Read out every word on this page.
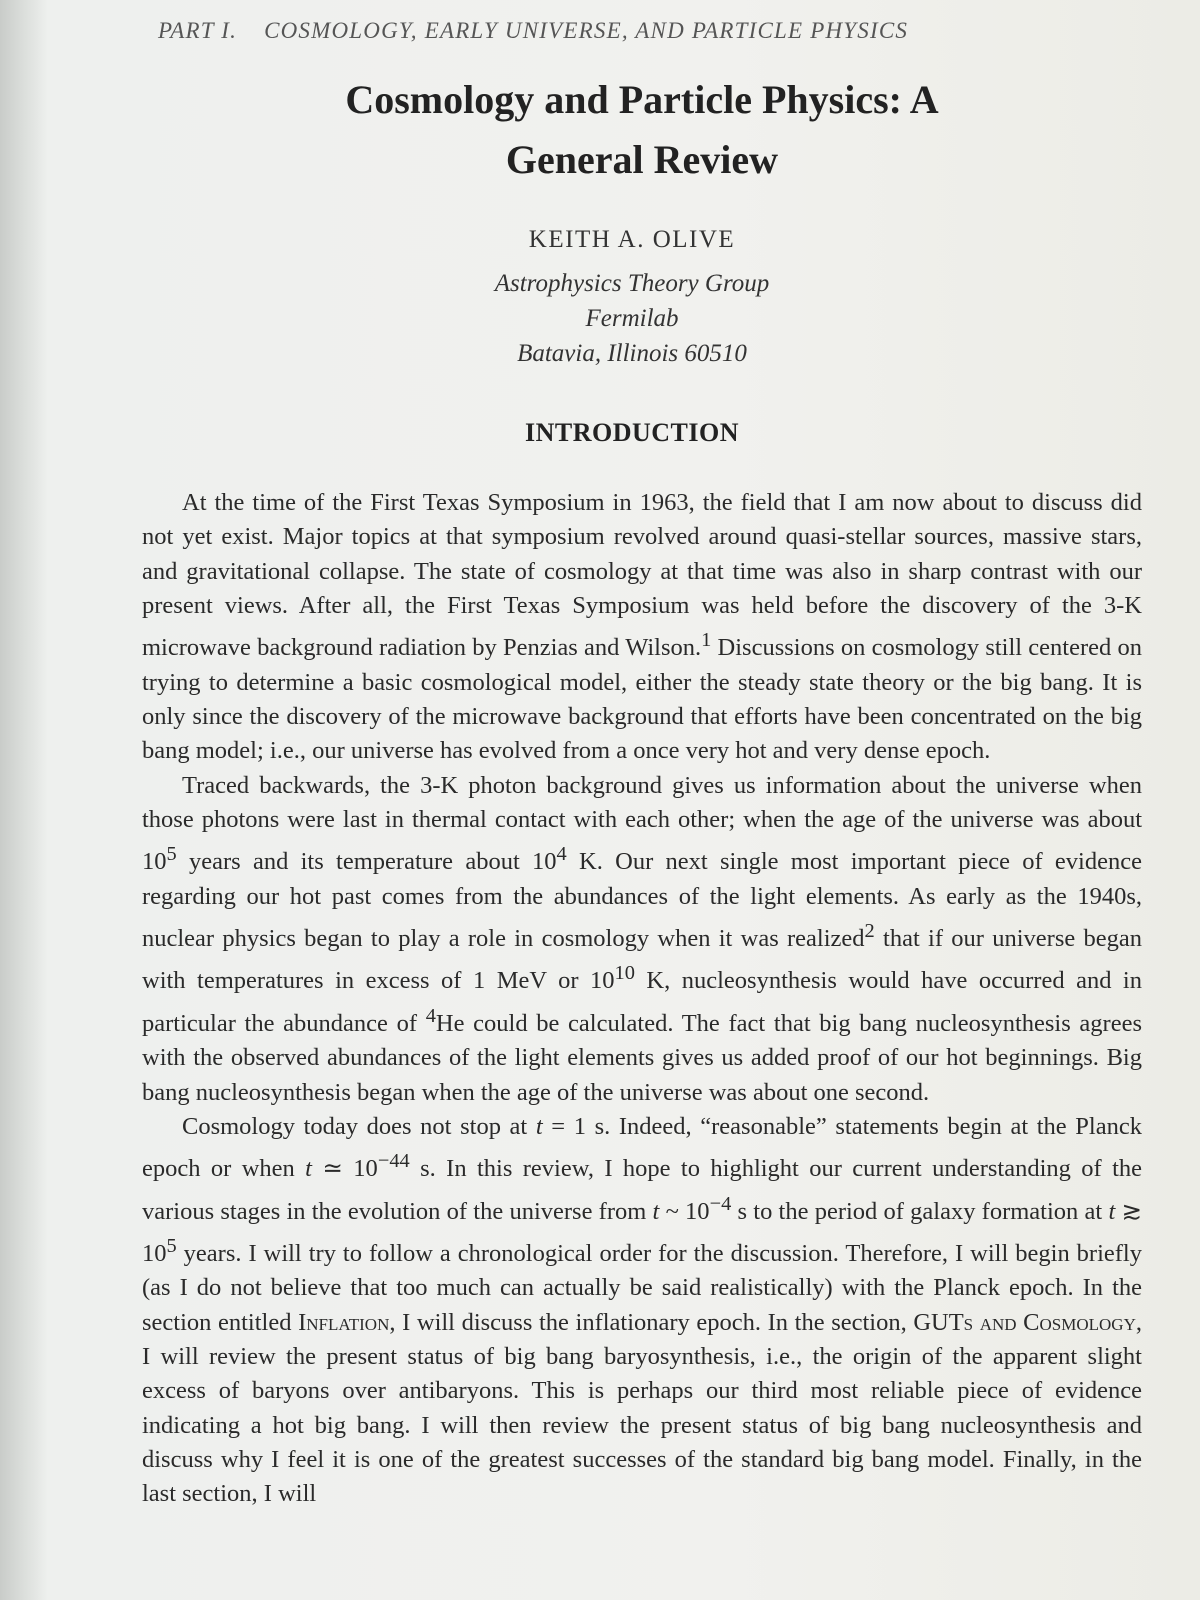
PART I. COSMOLOGY, EARLY UNIVERSE, AND PARTICLE PHYSICS
Cosmology and Particle Physics: A
General Review
KEITH A. OLIVE
Astrophysics Theory Group
Fermilab
Batavia, Illinois 60510
INTRODUCTION

At the time of the First Texas Symposium in 1963, the field that I am now about to discuss did not yet exist. Major topics at that symposium revolved around quasi-stellar sources, massive stars, and gravitational collapse. The state of cosmology at that time was also in sharp contrast with our present views. After all, the First Texas Symposium was held before the discovery of the 3-K microwave background radiation by Penzias and Wilson.$^1$ Discussions on cosmology still centered on trying to determine a basic cosmological model, either the steady state theory or the big bang. It is only since the discovery of the microwave background that efforts have been concentrated on the big bang model; i.e., our universe has evolved from a once very hot and very dense epoch.

Traced backwards, the 3-K photon background gives us information about the universe when those photons were last in thermal contact with each other; when the age of the universe was about $10^5$ years and its temperature about $10^4$ K. Our next single most important piece of evidence regarding our hot past comes from the abundances of the light elements. As early as the 1940s, nuclear physics began to play a role in cosmology when it was realized$^2$ that if our universe began with temperatures in excess of 1 MeV or $10^{10}$ K, nucleosynthesis would have occurred and in particular the abundance of $^4$He could be calculated. The fact that big bang nucleosynthesis agrees with the observed abundances of the light elements gives us added proof of our hot beginnings. Big bang nucleosynthesis began when the age of the universe was about one second.

Cosmology today does not stop at t = 1 s. Indeed, “reasonable” statements begin at the Planck epoch or when t ≃ $10^{-44}$ s. In this review, I hope to highlight our current understanding of the various stages in the evolution of the universe from t ~ $10^{-4}$ s to the period of galaxy formation at t ≳ $10^5$ years. I will try to follow a chronological order for the discussion. Therefore, I will begin briefly (as I do not believe that too much can actually be said realistically) with the Planck epoch. In the section entitled Inflation, I will discuss the inflationary epoch. In the section, GUTs and Cosmology, I will review the present status of big bang baryosynthesis, i.e., the origin of the apparent slight excess of baryons over antibaryons. This is perhaps our third most reliable piece of evidence indicating a hot big bang. I will then review the present status of big bang nucleosynthesis and discuss why I feel it is one of the greatest successes of the standard big bang model. Finally, in the last section, I will
